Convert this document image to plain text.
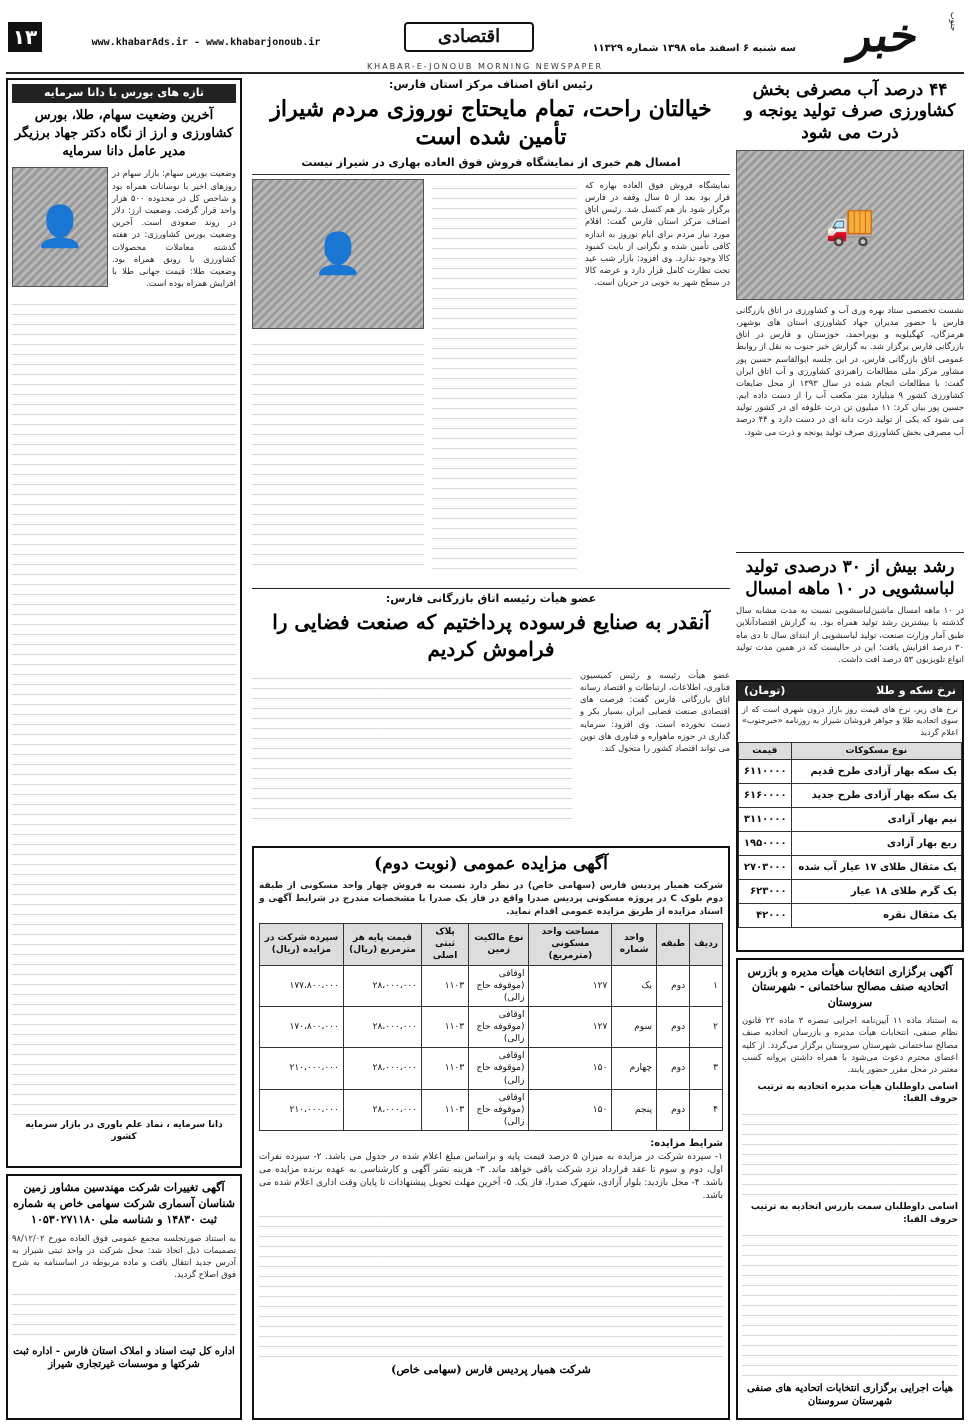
خبر	جنوب
اقتصادی
سه شنبه ۶ اسفند ماه ۱۳۹۸ شماره ۱۱۳۲۹
www.khabarAds.ir - www.khabarjonoub.ir
۱۳
KHABAR-E-JONOUB MORNING NEWSPAPER
۴۴ درصد آب مصرفی بخش کشاورزی صرف تولید یونجه و ذرت می شود
🚚
نشست تخصصی ستاد بهره وری آب و کشاورزی در اتاق بازرگانی فارس با حضور مدیران جهاد کشاورزی استان های بوشهر، هرمزگان، کهگیلویه و بویراحمد، خوزستان و فارس در اتاق بازرگانی فارس برگزار شد. به گزارش خبر جنوب به نقل از روابط عمومی اتاق بازرگانی فارس، در این جلسه ابوالقاسم حسین پور مشاور مرکز ملی مطالعات راهبردی کشاورزی و آب اتاق ایران گفت: با مطالعات انجام شده در سال ۱۳۹۳ از محل ضایعات کشاورزی کشور ۹ میلیارد متر مکعب آب را از دست داده ایم. حسین پور بیان کرد: ۱۱ میلیون تن ذرت علوفه ای در کشور تولید می شود که یکی از تولید ذرت دانه ای در دست دارد و ۴۴ درصد آب مصرفی بخش کشاورزی صرف تولید یونجه و ذرت می شود.
رشد بیش از ۳۰ درصدی تولید لباسشویی در ۱۰ ماهه امسال
در ۱۰ ماهه امسال ماشین‌لباسشویی نسبت به مدت مشابه سال گذشته با بیشترین رشد تولید همراه بود. به گزارش اقتصادآنلاین طبق آمار وزارت صنعت، تولید لباسشویی از ابتدای سال تا دی ماه ۳۰ درصد افزایش یافت؛ این در حالیست که در همین مدت تولید انواع تلویزیون ۵۳ درصد افت داشت.
نرخ سکه و طلا
(تومان)
نرخ های زیر، نرخ های قیمت روز بازار درون شهری است که از سوی اتحادیه طلا و جواهر فروشان شیراز به روزنامه «خبرجنوب» اعلام گردید
نوع مسکوکات	قیمت
یک سکه بهار آزادی طرح قدیم	۶۱۱۰۰۰۰
یک سکه بهار آزادی طرح جدید	۶۱۶۰۰۰۰
نیم بهار آزادی	۳۱۱۰۰۰۰
ربع بهار آزادی	۱۹۵۰۰۰۰
یک مثقال طلای ۱۷ عیار آب شده	۲۷۰۳۰۰۰
یک گرم طلای ۱۸ عیار	۶۲۳۰۰۰
یک مثقال نقره	۴۲۰۰۰
آگهی برگزاری انتخابات هیأت مدیره و بازرس اتحادیه صنف مصالح ساختمانی - شهرستان سروستان
به استناد ماده ۱۱ آیین‌نامه اجرایی تبصره ۳ ماده ۲۲ قانون نظام صنفی، انتخابات هیأت مدیره و بازرسان اتحادیه صنف مصالح ساختمانی شهرستان سروستان برگزار می‌گردد. از کلیه اعضای محترم دعوت می‌شود با همراه داشتن پروانه کسب معتبر در محل مقرر حضور یابند.
اسامی داوطلبان هیأت مدیره اتحادیه به ترتیب حروف الفبا:
اسامی داوطلبان سمت بازرس اتحادیه به ترتیب حروف الفبا:
هیأت اجرایی برگزاری انتخابات اتحادیه های صنفی شهرستان سروستان
رئیس اتاق اصناف مرکز استان فارس:
خیالتان راحت، تمام مایحتاج نوروزی مردم شیراز تأمین شده است
امسال هم خبری از نمایشگاه فروش فوق العاده بهاری در شیراز نیست
نمایشگاه فروش فوق العاده بهاره که قرار بود بعد از ۵ سال وقفه در فارس برگزار شود باز هم کنسل شد. رئیس اتاق اصناف مرکز استان فارس گفت: اقلام مورد نیاز مردم برای ایام نوروز به اندازه کافی تأمین شده و نگرانی از بابت کمبود کالا وجود ندارد. وی افزود: بازار شب عید تحت نظارت کامل قرار دارد و عرضه کالا در سطح شهر به خوبی در جریان است.
👤
عضو هیأت رئیسه اتاق بازرگانی فارس:
آنقدر به صنایع فرسوده پرداختیم که صنعت فضایی را فراموش کردیم
عضو هیأت رئیسه و رئیس کمیسیون فناوری، اطلاعات، ارتباطات و اقتصاد رسانه اتاق بازرگانی فارس گفت: فرصت های اقتصادی صنعت فضایی ایران بسیار بکر و دست نخورده است. وی افزود: سرمایه گذاری در حوزه ماهواره و فناوری های نوین می تواند اقتصاد کشور را متحول کند.
آگهی مزایده عمومی (نوبت دوم)
شرکت همیار پردیس فارس (سهامی خاص) در نظر دارد نسبت به فروش چهار واحد مسکونی از طبقه دوم بلوک C در پروژه مسکونی پردیس صدرا واقع در فاز یک صدرا با مشخصات مندرج در شرایط آگهی و اسناد مزایده از طریق مزایده عمومی اقدام نماید.
ردیف	طبقه	واحد شماره	مساحت واحد مسکونی (مترمربع)	نوع مالکیت زمین	پلاک ثبتی اصلی	قیمت پایه هر مترمربع (ریال)	سپرده شرکت در مزایده (ریال)
۱	دوم	یک	۱۲۷	اوقافی (موقوفه حاج زالی)	۱۱۰۳	۲۸،۰۰۰،۰۰۰	۱۷۷،۸۰۰،۰۰۰
۲	دوم	سوم	۱۲۷	اوقافی (موقوفه حاج زالی)	۱۱۰۳	۲۸،۰۰۰،۰۰۰	۱۷۰،۸۰۰،۰۰۰
۳	دوم	چهارم	۱۵۰	اوقافی (موقوفه حاج زالی)	۱۱۰۳	۲۸،۰۰۰،۰۰۰	۲۱۰،۰۰۰،۰۰۰
۴	دوم	پنجم	۱۵۰	اوقافی (موقوفه حاج زالی)	۱۱۰۳	۲۸،۰۰۰،۰۰۰	۲۱۰،۰۰۰،۰۰۰
شرایط مزایده:
۱- سپرده شرکت در مزایده به میزان ۵ درصد قیمت پایه و براساس مبلغ اعلام شده در جدول می باشد. ۲- سپرده نفرات اول، دوم و سوم تا عقد قرارداد نزد شرکت باقی خواهد ماند. ۳- هزینه نشر آگهی و کارشناسی به عهده برنده مزایده می باشد. ۴- محل بازدید: بلوار آزادی، شهرک صدرا، فاز یک. ۵- آخرین مهلت تحویل پیشنهادات تا پایان وقت اداری اعلام شده می باشد.
شرکت همیار پردیس فارس (سهامی خاص)
تازه های بورس با دانا سرمایه
آخرین وضعیت سهام، طلا، بورس کشاورزی و ارز از نگاه دکتر جهاد برزیگر مدیر عامل دانا سرمایه
وضعیت بورس سهام: بازار سهام در روزهای اخیر با نوسانات همراه بود و شاخص کل در محدوده ۵۰۰ هزار واحد قرار گرفت. وضعیت ارز: دلار در روند صعودی است. آخرین وضعیت بورس کشاورزی: در هفته گذشته معاملات محصولات کشاورزی با رونق همراه بود. وضعیت طلا: قیمت جهانی طلا با افزایش همراه بوده است.
👤
دانا سرمایه ، نماد علم باوری در بازار سرمایه کشور
آگهی تغییرات شرکت مهندسین مشاور زمین شناسان آسماری شرکت سهامی خاص به شماره ثبت ۱۴۸۳۰ و شناسه ملی ۱۰۵۳۰۲۷۱۱۸۰
به استناد صورتجلسه مجمع عمومی فوق العاده مورخ ۹۸/۱۲/۰۲ تصمیمات ذیل اتخاذ شد: محل شرکت در واحد ثبتی شیراز به آدرس جدید انتقال یافت و ماده مربوطه در اساسنامه به شرح فوق اصلاح گردید.
اداره کل ثبت اسناد و املاک استان فارس - اداره ثبت شرکتها و موسسات غیرتجاری شیراز
